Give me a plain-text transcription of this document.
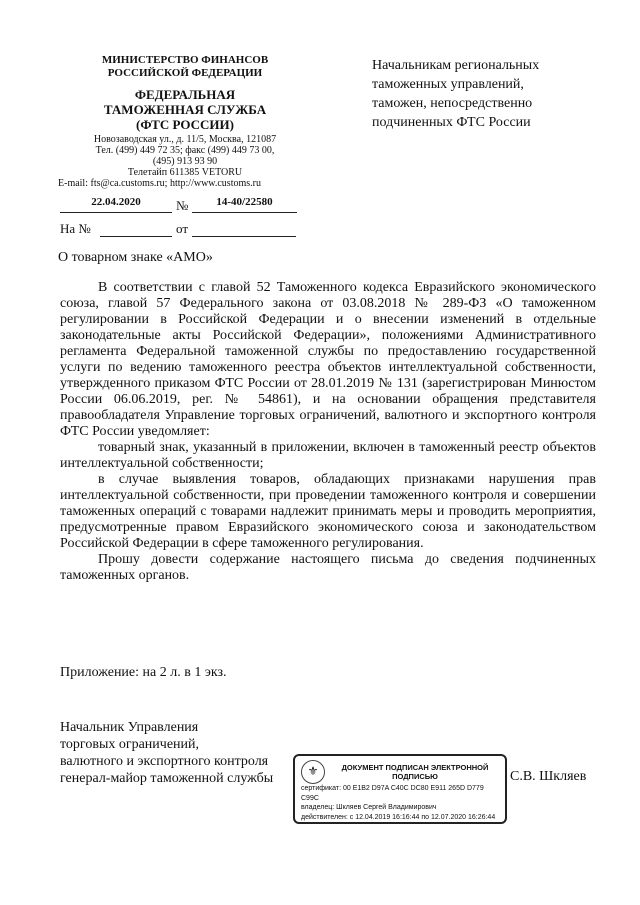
МИНИСТЕРСТВО ФИНАНСОВ
РОССИЙСКОЙ ФЕДЕРАЦИИ
ФЕДЕРАЛЬНАЯ
ТАМОЖЕННАЯ СЛУЖБА
(ФТС РОССИИ)
Новозаводская ул., д. 11/5, Москва, 121087
Тел. (499) 449 72 35; факс (499) 449 73 00,
(495) 913 93 90
Телетайп 611385 VETORU
E-mail: fts@ca.customs.ru; http://www.customs.ru
22.04.2020	№	14-40/22580
На №	от
Начальникам региональных
таможенных управлений,
таможен, непосредственно
подчиненных ФТС России
О товарном знаке «АМО»

В соответствии с главой 52 Таможенного кодекса Евразийского экономического союза, главой 57 Федерального закона от 03.08.2018 № 289-ФЗ «О таможенном регулировании в Российской Федерации и о внесении изменений в отдельные законодательные акты Российской Федерации», положениями Административного регламента Федеральной таможенной службы по предоставлению государственной услуги по ведению таможенного реестра объектов интеллектуальной собственности, утвержденного приказом ФТС России от 28.01.2019 № 131 (зарегистрирован Минюстом России 06.06.2019, рег. № 54861), и на основании обращения представителя правообладателя Управление торговых ограничений, валютного и экспортного контроля ФТС России уведомляет:

товарный знак, указанный в приложении, включен в таможенный реестр объектов интеллектуальной собственности;

в случае выявления товаров, обладающих признаками нарушения прав интеллектуальной собственности, при проведении таможенного контроля и совершении таможенных операций с товарами надлежит принимать меры и проводить мероприятия, предусмотренные правом Евразийского экономического союза и законодательством Российской Федерации в сфере таможенного регулирования.

Прошу довести содержание настоящего письма до сведения подчиненных таможенных органов.

Приложение: на 2 л. в 1 экз.
Начальник Управления
торговых ограничений,
валютного и экспортного контроля
генерал-майор таможенной службы	С.В. Шкляев
⚜	ДОКУМЕНТ ПОДПИСАН ЭЛЕКТРОННОЙ
ПОДПИСЬЮ
сертификат: 00 E1B2 D97A C40C DC80 E911 265D D779
C99C
владелец: Шкляев Сергей Владимирович
действителен: с 12.04.2019 16:16:44 по 12.07.2020 16:26:44
